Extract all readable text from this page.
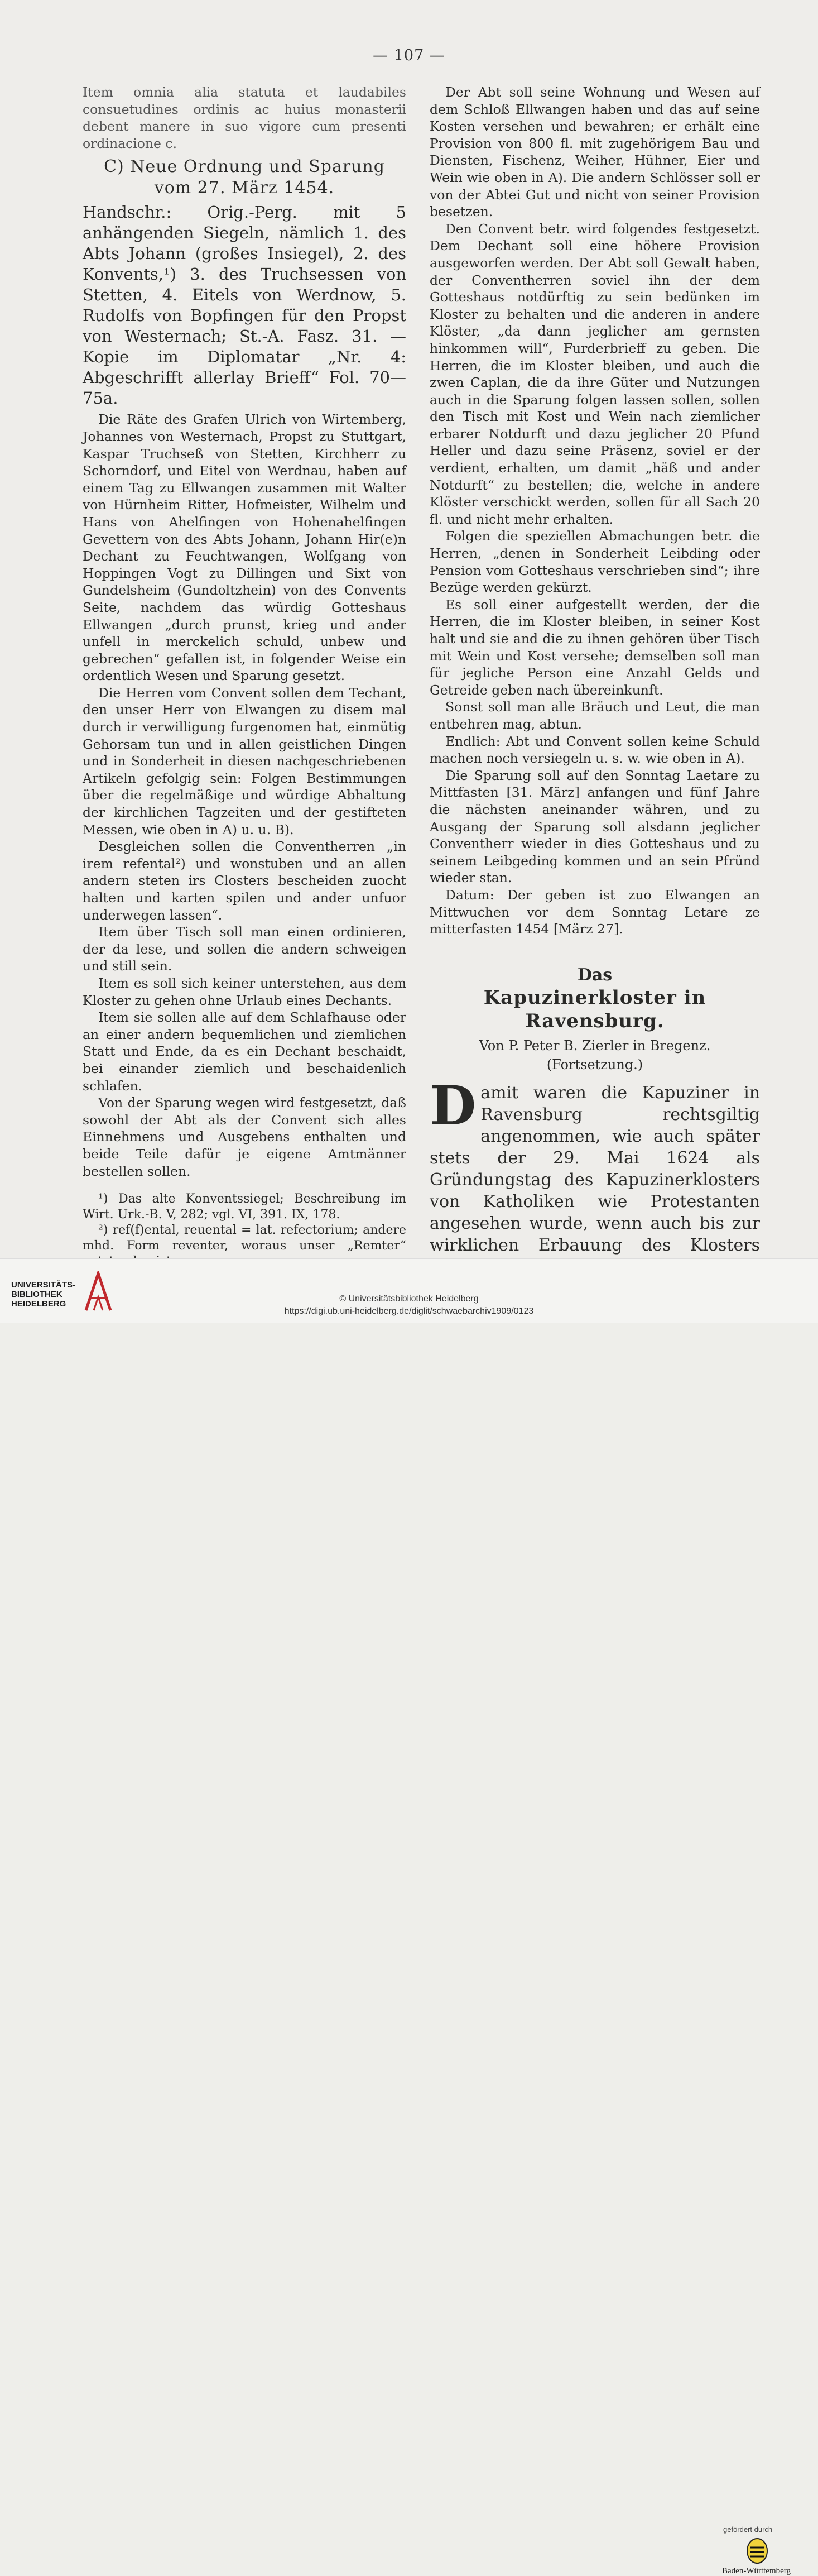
— 107 —

Item omnia alia statuta et laudabiles consuetudines ordinis ac huius monasterii debent manere in suo vigore cum presenti ordinacione c.

C) Neue Ordnung und Sparung vom 27. März 1454.

Handschr.: Orig.-Perg. mit 5 anhängenden Siegeln, nämlich 1. des Abts Johann (großes Insiegel), 2. des Konvents,¹) 3. des Truchsessen von Stetten, 4. Eitels von Werdnow, 5. Rudolfs von Bopfingen für den Propst von Westernach; St.-A. Fasz. 31. — Kopie im Diplomatar „Nr. 4: Abgeschrifft allerlay Brieff“ Fol. 70—75a.

Die Räte des Grafen Ulrich von Wirtemberg, Johannes von Westernach, Propst zu Stuttgart, Kaspar Truchseß von Stetten, Kirchherr zu Schorndorf, und Eitel von Werdnau, haben auf einem Tag zu Ellwangen zusammen mit Walter von Hürnheim Ritter, Hofmeister, Wilhelm und Hans von Ahelfingen von Hohenahelfingen Gevettern von des Abts Johann, Johann Hir(e)n Dechant zu Feuchtwangen, Wolfgang von Hoppingen Vogt zu Dillingen und Sixt von Gundelsheim (Gundoltzhein) von des Convents Seite, nachdem das würdig Gotteshaus Ellwangen „durch prunst, krieg und ander unfell in merckelich schuld, unbew und gebrechen“ gefallen ist, in folgender Weise ein ordentlich Wesen und Sparung gesetzt.

Die Herren vom Convent sollen dem Techant, den unser Herr von Elwangen zu disem mal durch ir verwilligung furgenomen hat, einmütig Gehorsam tun und in allen geistlichen Dingen und in Sonderheit in diesen nachgeschriebenen Artikeln gefolgig sein: Folgen Bestimmungen über die regelmäßige und würdige Abhaltung der kirchlichen Tagzeiten und der gestifteten Messen, wie oben in A) u. u. B).

Desgleichen sollen die Conventherren „in irem refental²) und wonstuben und an allen andern steten irs Closters bescheiden zuocht halten und karten spilen und ander unfuor underwegen lassen“.

Item über Tisch soll man einen ordinieren, der da lese, und sollen die andern schweigen und still sein.

Item es soll sich keiner unterstehen, aus dem Kloster zu gehen ohne Urlaub eines Dechants.

Item sie sollen alle auf dem Schlafhause oder an einer andern bequemlichen und ziemlichen Statt und Ende, da es ein Dechant beschaidt, bei einander ziemlich und beschaidenlich schlafen.

Von der Sparung wegen wird festgesetzt, daß sowohl der Abt als der Convent sich alles Einnehmens und Ausgebens enthalten und beide Teile dafür je eigene Amtmänner bestellen sollen.

¹) Das alte Konventssiegel; Beschreibung im Wirt. Urk.-B. V, 282; vgl. VI, 391. IX, 178.

²) ref(f)ental, reuental = lat. refectorium; andere mhd. Form reventer, woraus unser „Remter“

Der Abt soll seine Wohnung und Wesen auf dem Schloß Ellwangen haben und das auf seine Kosten versehen und bewahren; er erhält eine Provision von 800 fl. mit zugehörigem Bau und Diensten, Fischenz, Weiher, Hühner, Eier und Wein wie oben in A). Die andern Schlösser soll er von der Abtei Gut und nicht von seiner Provision besetzen.

Den Convent betr. wird folgendes festgesetzt. Dem Dechant soll eine höhere Provision ausgeworfen werden. Der Abt soll Gewalt haben, der Conventherren soviel ihn der dem Gotteshaus notdürftig zu sein bedünken im Kloster zu behalten und die anderen in andere Klöster, „da dann jeglicher am gernsten hinkommen will“, Furderbrieff zu geben. Die Herren, die im Kloster bleiben, und auch die zwen Caplan, die da ihre Güter und Nutzungen auch in die Sparung folgen lassen sollen, sollen den Tisch mit Kost und Wein nach ziemlicher erbarer Notdurft und dazu jeglicher 20 Pfund Heller und dazu seine Präsenz, soviel er der verdient, erhalten, um damit „häß und ander Notdurft“ zu bestellen; die, welche in andere Klöster verschickt werden, sollen für all Sach 20 fl. und nicht mehr erhalten.

Folgen die speziellen Abmachungen betr. die Herren, „denen in Sonderheit Leibding oder Pension vom Gotteshaus verschrieben sind“; ihre Bezüge werden gekürzt.

Es soll einer aufgestellt werden, der die Herren, die im Kloster bleiben, in seiner Kost halt und sie and die zu ihnen gehören über Tisch mit Wein und Kost versehe; demselben soll man für jegliche Person eine Anzahl Gelds und Getreide geben nach übereinkunft.

Sonst soll man alle Bräuch und Leut, die man entbehren mag, abtun.

Endlich: Abt und Convent sollen keine Schuld machen noch versiegeln u. s. w. wie oben in A).

Die Sparung soll auf den Sonntag Laetare zu Mittfasten [31. März] anfangen und fünf Jahre die nächsten aneinander währen, und zu Ausgang der Sparung soll alsdann jeglicher Conventherr wieder in dies Gotteshaus und zu seinem Leibgeding kommen und an sein Pfründ wieder stan.

Datum: Der geben ist zuo Elwangen an Mittwuchen vor dem Sonntag Letare ze mitterfasten 1454 [März 27].

Das
Kapuzinerkloster in Ravensburg.
Von P. Peter B. Zierler in Bregenz.
(Fortsetzung.)
Damit waren die Kapuziner in Ravensburg rechtsgiltig angenommen, wie auch später stets der 29. Mai 1624 als Gründungstag des Kapuzinerklosters von Katholiken wie Protestanten angesehen wurde, wenn auch bis zur wirklichen Erbauung des Klosters
UNIVERSITÄTS-
BIBLIOTHEK
HEIDELBERG
gefördert durch
Baden-Württemberg
© Universitätsbibliothek Heidelberg
https://digi.ub.uni-heidelberg.de/diglit/schwaebarchiv1909/0123
